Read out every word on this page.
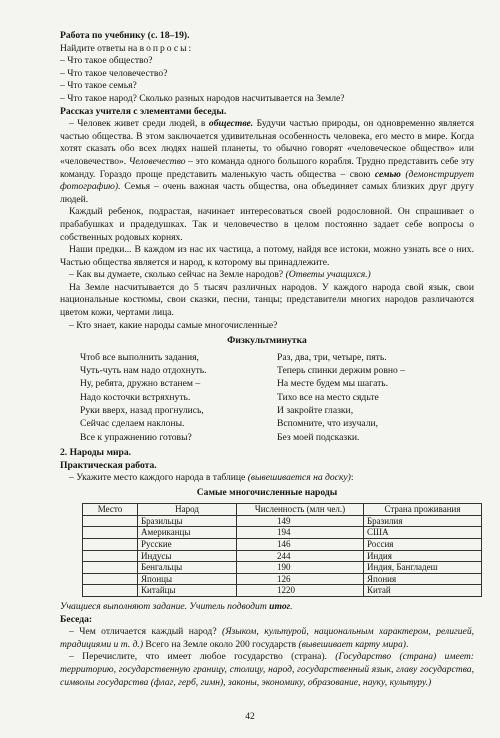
Работа по учебнику (с. 18–19).

Найдите ответы на вопросы:

– Что такое общество?

– Что такое человечество?

– Что такое семья?

– Что такое народ? Сколько разных народов насчитывается на Земле?

Рассказ учителя с элементами беседы.

– Человек живет среди людей, в обществе. Будучи частью природы, он одновременно является частью общества. В этом заключается удивительная особенность человека, его место в мире. Когда хотят сказать обо всех людях нашей планеты, то обычно говорят «человеческое общество» или «человечество». Человечество – это команда одного большого корабля. Трудно представить себе эту команду. Гораздо проще представить маленькую часть общества – свою семью (демонстрирует фотографию). Семья – очень важная часть общества, она объединяет самых близких друг другу людей.

Каждый ребенок, подрастая, начинает интересоваться своей родословной. Он спрашивает о прабабушках и прадедушках. Так и человечество в целом постоянно задает себе вопросы о собственных родовых корнях.

Наши предки... В каждом из нас их частица, а потому, найдя все истоки, можно узнать все о них. Частью общества является и народ, к которому вы принадлежите.

– Как вы думаете, сколько сейчас на Земле народов? (Ответы учащихся.)

На Земле насчитывается до 5 тысяч различных народов. У каждого народа свой язык, свои национальные костюмы, свои сказки, песни, танцы; представители многих народов различаются цветом кожи, чертами лица.

– Кто знает, какие народы самые многочисленные?

Физкультминутка

Чтоб все выполнить задания,

Чуть-чуть нам надо отдохнуть.

Ну, ребята, дружно встанем –

Надо косточки встряхнуть.

Руки вверх, назад прогнулись,

Сейчас сделаем наклоны.

Все к упражнению готовы?

Раз, два, три, четыре, пять.

Теперь спинки держим ровно –

На месте будем мы шагать.

Тихо все на место сядьте

И закройте глазки,

Вспомните, что изучали,

Без моей подсказки.

2. Народы мира.

Практическая работа.

– Укажите место каждого народа в таблице (вывешивается на доску):

Самые многочисленные народы

Место	Народ	Численность (млн чел.)	Страна проживания
	Бразильцы	149	Бразилия
	Американцы	194	США
	Русские	146	Россия
	Индусы	244	Индия
	Бенгальцы	190	Индия, Бангладеш
	Японцы	126	Япония
	Китайцы	1220	Китай

Учащиеся выполняют задание. Учитель подводит итог.

Беседа:

– Чем отличается каждый народ? (Языком, культурой, национальным характером, религией, традициями и т. д.) Всего на Земле около 200 государств (вывешивает карту мира).

– Перечислите, что имеет любое государство (страна). (Государство (страна) имеет: территорию, государственную границу, столицу, народ, государственный язык, главу государства, символы государства (флаг, герб, гимн), законы, экономику, образование, науку, культуру.)

42
